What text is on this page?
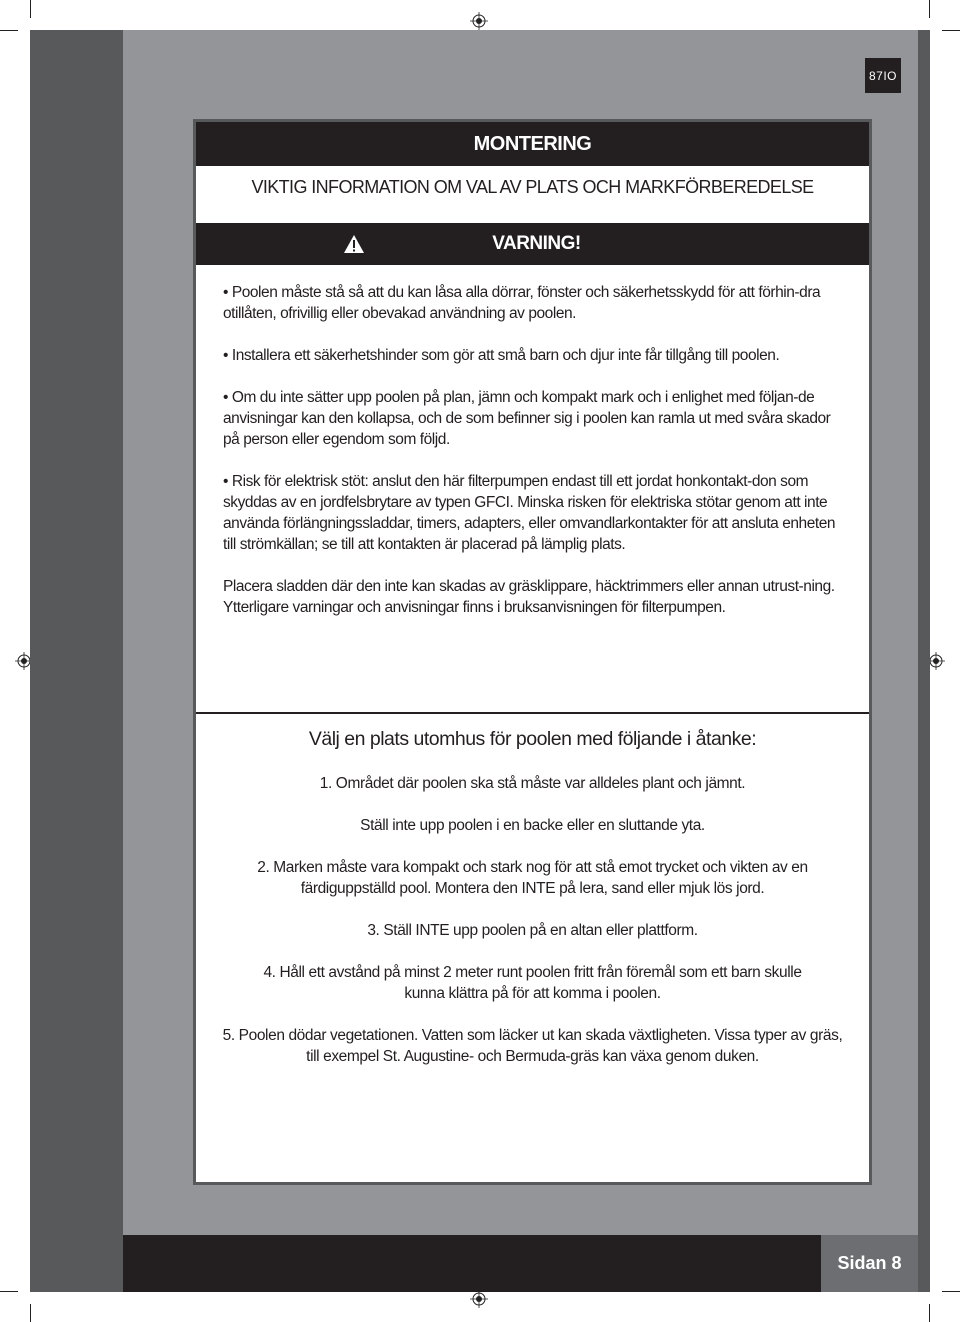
87IO
MONTERING
VIKTIG INFORMATION OM VAL AV PLATS OCH MARKFÖRBEREDELSE
VARNING!

• Poolen måste stå så att du kan låsa alla dörrar, fönster och säkerhetsskydd för att förhin-​dra otillåten, ofrivillig eller obevakad användning av poolen.

• Installera ett säkerhetshinder som gör att små barn och djur inte får tillgång till poolen.

• Om du inte sätter upp poolen på plan, jämn och kompakt mark och i enlighet med följan-​de anvisningar kan den kollapsa, och de som befinner sig i poolen kan ramla ut med svåra skador på person eller egendom som följd.

• Risk för elektrisk stöt: anslut den här filterpumpen endast till ett jordat honkontakt-​don som skyddas av en jordfelsbrytare av typen GFCI. Minska risken för elektriska stötar genom att inte använda förlängningssladdar, timers, adapters, eller omvandlarkontakter för att ansluta enheten till strömkällan; se till att kontakten är placerad på lämplig plats.

Placera sladden där den inte kan skadas av gräsklippare, häcktrimmers eller annan utrust-​ning. Ytterligare varningar och anvisningar finns i bruksanvisningen för filterpumpen.

Välj en plats utomhus för poolen med följande i åtanke:

1. Området där poolen ska stå måste var alldeles plant och jämnt.

Ställ inte upp poolen i en backe eller en sluttande yta.

2. Marken måste vara kompakt och stark nog för att stå emot trycket och vikten av en färdiguppställd pool. Montera den INTE på lera, sand eller mjuk lös jord.

3. Ställ INTE upp poolen på en altan eller plattform.

4. Håll ett avstånd på minst 2 meter runt poolen fritt från föremål som ett barn skulle kunna klättra på för att komma i poolen.

5. Poolen dödar vegetationen. Vatten som läcker ut kan skada växtligheten. Vissa typer av gräs, till exempel St. Augustine- och Bermuda-gräs kan växa genom duken.

Sidan 8
